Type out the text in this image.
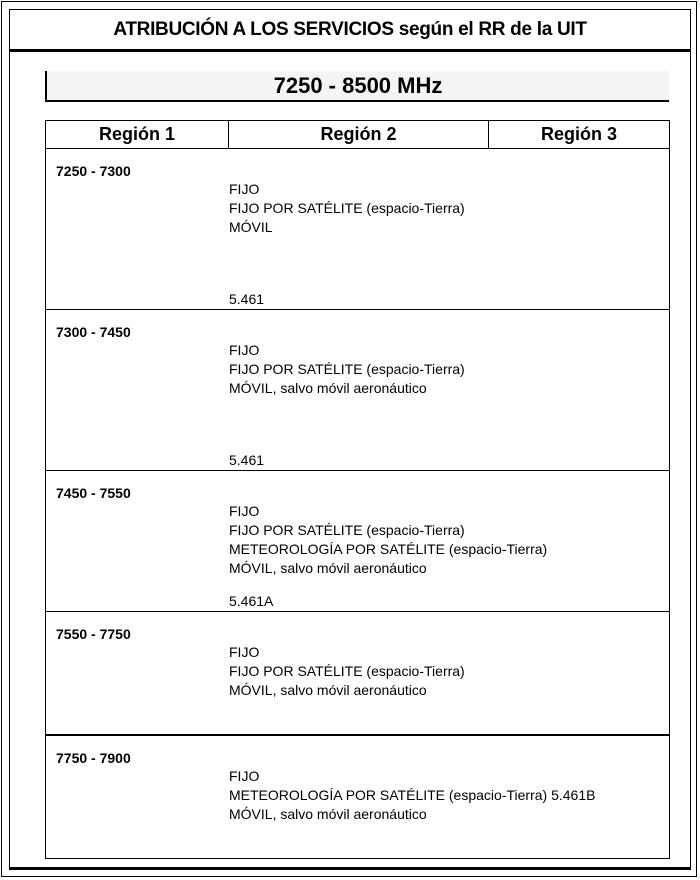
ATRIBUCIÓN A LOS SERVICIOS según el RR de la UIT
7250 - 8500 MHz
Región 1	Región 2	Región 3
7250 - 7300
FIJO
FIJO POR SATÉLITE (espacio-Tierra)
MÓVIL
5.461
7300 - 7450
FIJO
FIJO POR SATÉLITE (espacio-Tierra)
MÓVIL, salvo móvil aeronáutico
5.461
7450 - 7550
FIJO
FIJO POR SATÉLITE (espacio-Tierra)
METEOROLOGÍA POR SATÉLITE (espacio-Tierra)
MÓVIL, salvo móvil aeronáutico
5.461A
7550 - 7750
FIJO
FIJO POR SATÉLITE (espacio-Tierra)
MÓVIL, salvo móvil aeronáutico
7750 - 7900
FIJO
METEOROLOGÍA POR SATÉLITE (espacio-Tierra) 5.461B
MÓVIL, salvo móvil aeronáutico
